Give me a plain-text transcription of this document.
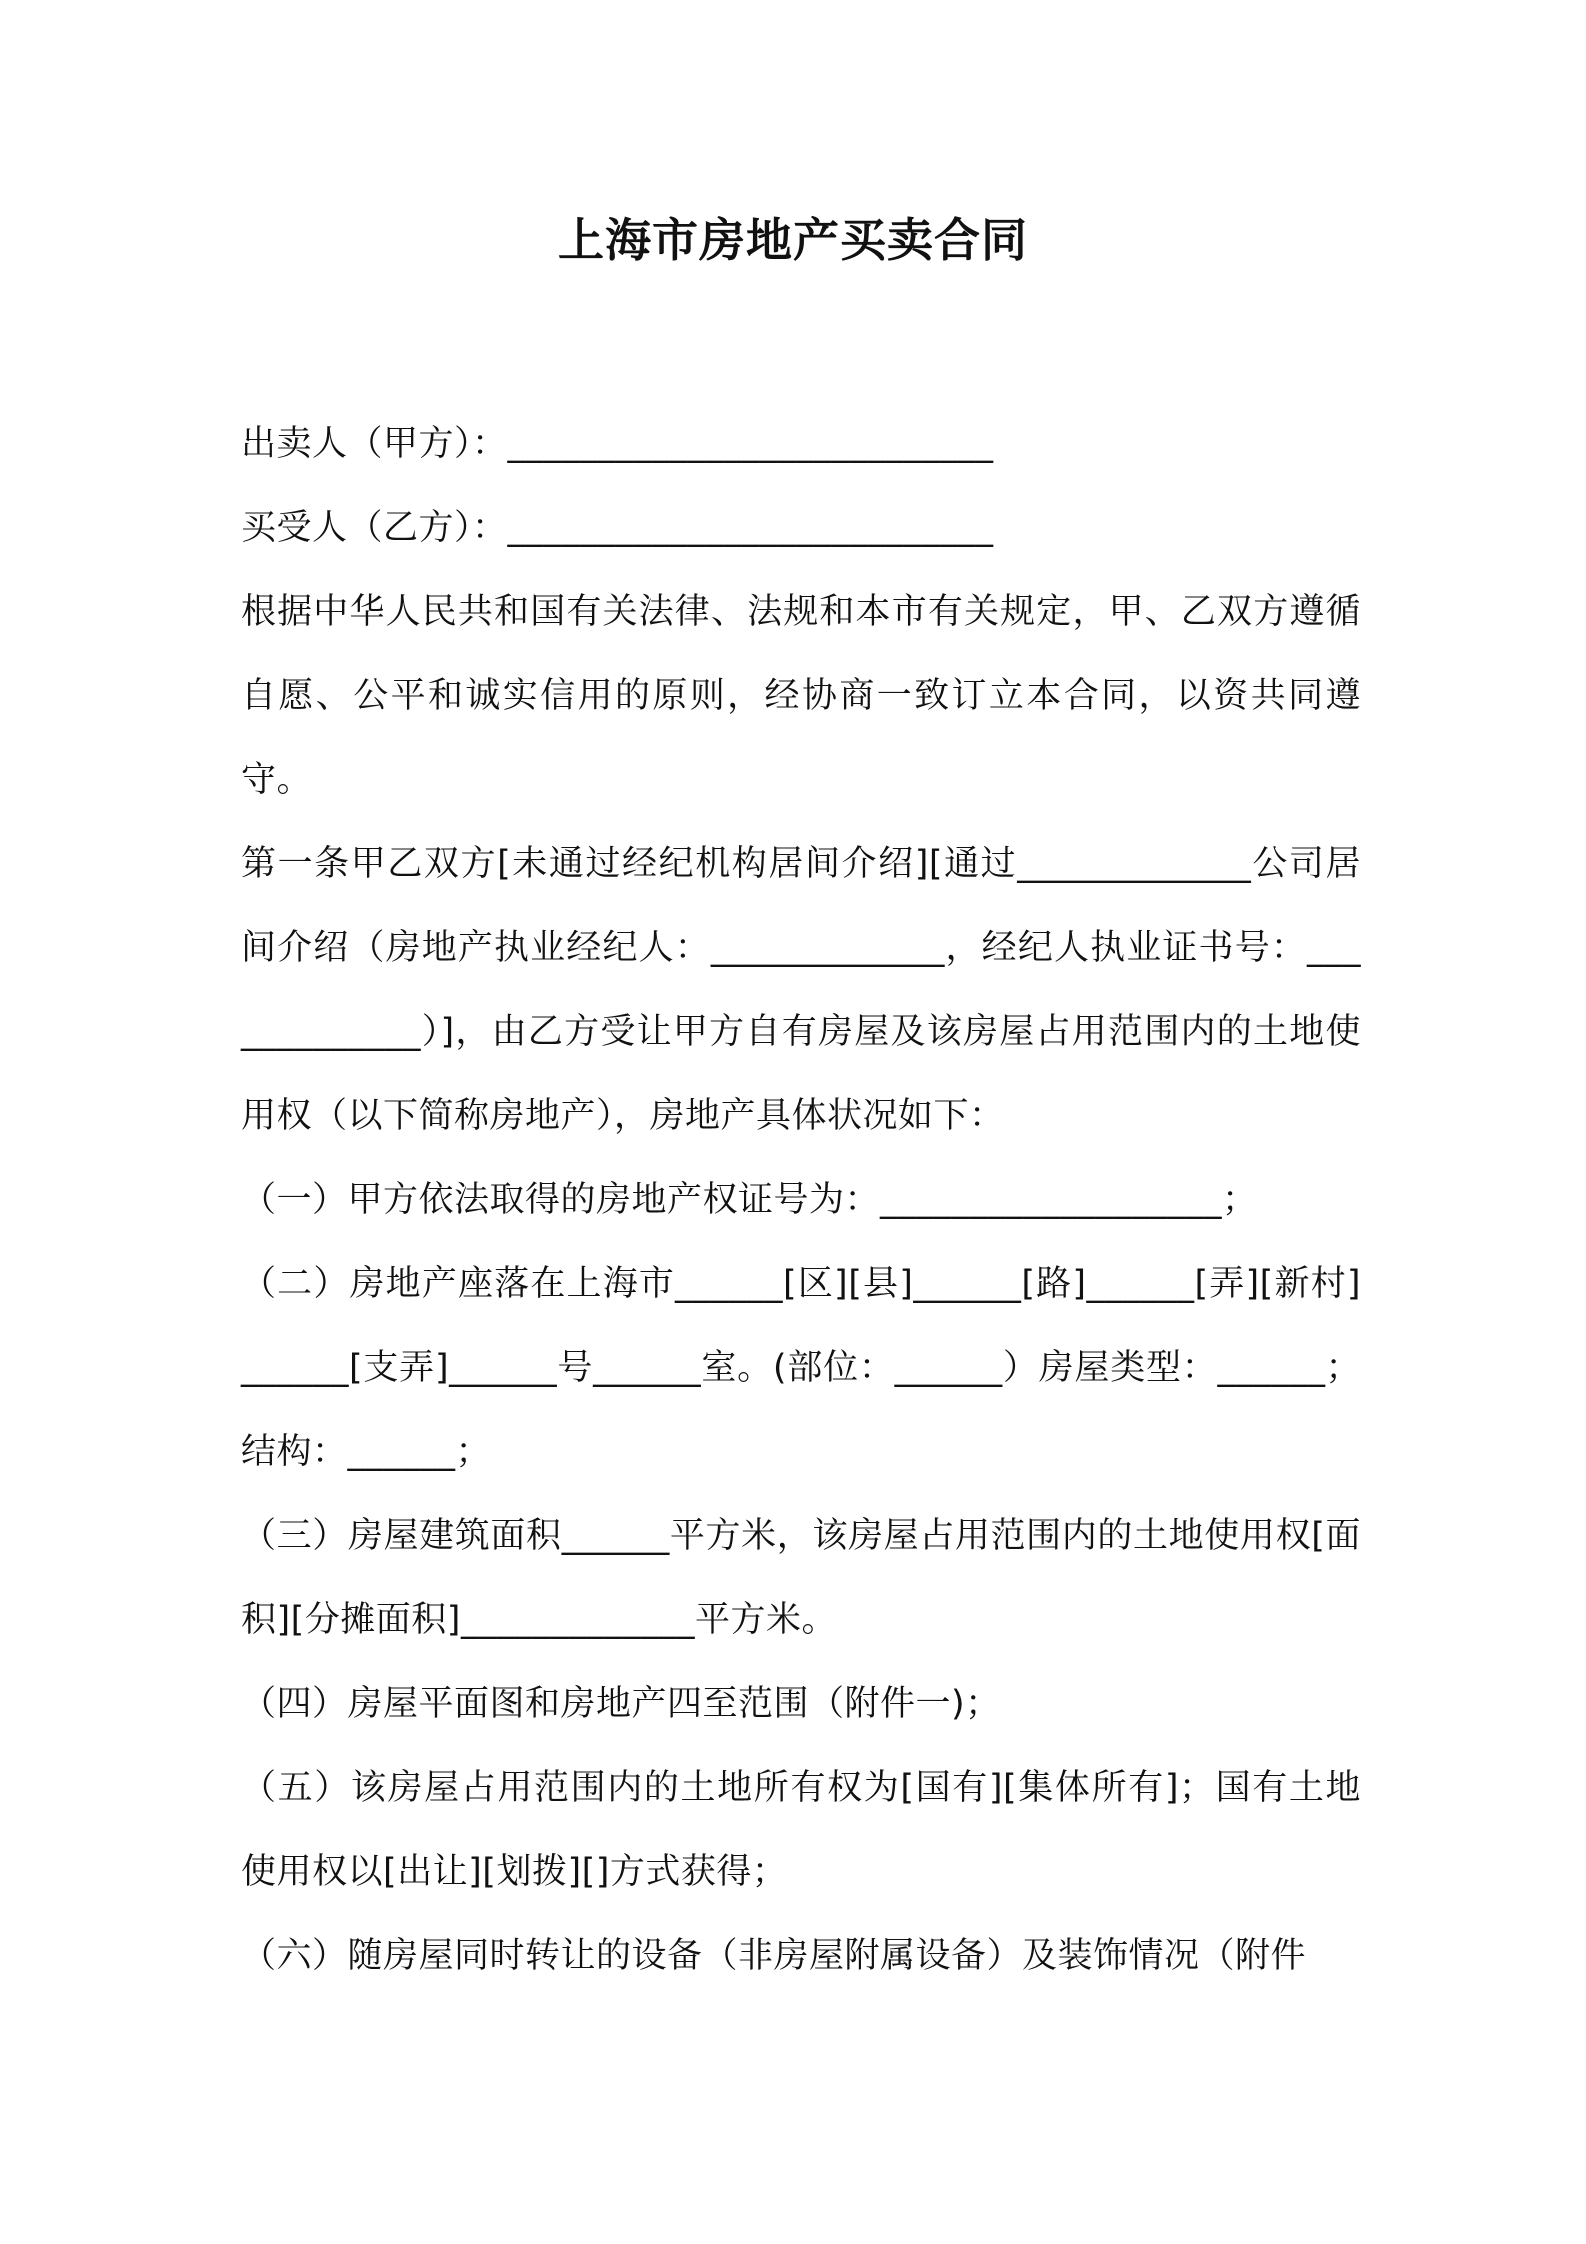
上海市房地产买卖合同

出卖人（甲方）：___________________________

买受人（乙方）：___________________________

根据中华人民共和国有关法律、法规和本市有关规定，甲、乙双方遵循自愿、公平和诚实信用的原则，经协商一致订立本合同，以资共同遵守。

第一条甲乙双方[未通过经纪机构居间介绍][通过_____________公司居间介绍（房地产执业经纪人：_____________，经纪人执业证书号：_____________）]，由乙方受让甲方自有房屋及该房屋占用范围内的土地使用权（以下简称房地产），房地产具体状况如下：

（一）甲方依法取得的房地产权证号为：___________________；

（二）房地产座落在上海市______[区][县]______[路]______[弄][新村]______[支弄]______号______室。(部位：______）房屋类型：______；结构：______；

（三）房屋建筑面积______平方米，该房屋占用范围内的土地使用权[面积][分摊面积]_____________平方米。

（四）房屋平面图和房地产四至范围（附件一)；

（五）该房屋占用范围内的土地所有权为[国有][集体所有]；国有土地使用权以[出让][划拨][]方式获得；

（六）随房屋同时转让的设备（非房屋附属设备）及装饰情况（附件
